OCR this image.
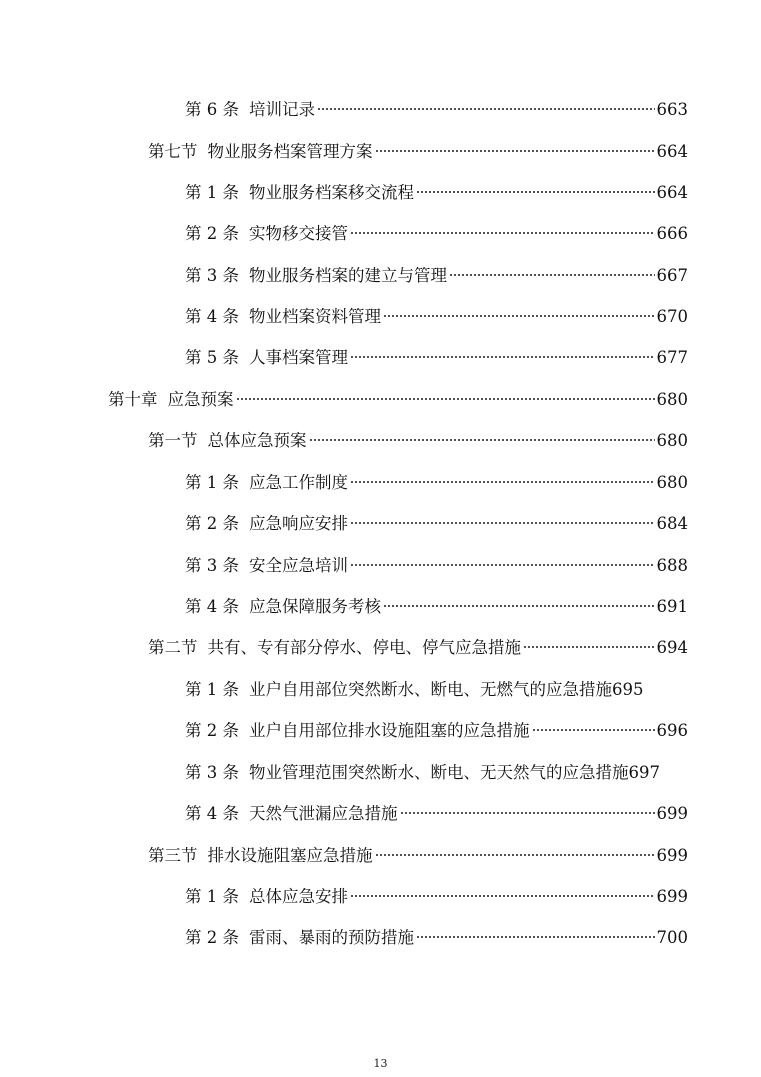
第 6 条 培训记录	663
第七节 物业服务档案管理方案	664
第 1 条 物业服务档案移交流程	664
第 2 条 实物移交接管	666
第 3 条 物业服务档案的建立与管理	667
第 4 条 物业档案资料管理	670
第 5 条 人事档案管理	677
第十章 应急预案	680
第一节 总体应急预案	680
第 1 条 应急工作制度	680
第 2 条 应急响应安排	684
第 3 条 安全应急培训	688
第 4 条 应急保障服务考核	691
第二节 共有、专有部分停水、停电、停气应急措施	694
第 1 条 业户自用部位突然断水、断电、无燃气的应急措施 695
第 2 条 业户自用部位排水设施阻塞的应急措施	696
第 3 条 物业管理范围突然断水、断电、无天然气的应急措施 697
第 4 条 天然气泄漏应急措施	699
第三节 排水设施阻塞应急措施	699
第 1 条 总体应急安排	699
第 2 条 雷雨、暴雨的预防措施	700
13
